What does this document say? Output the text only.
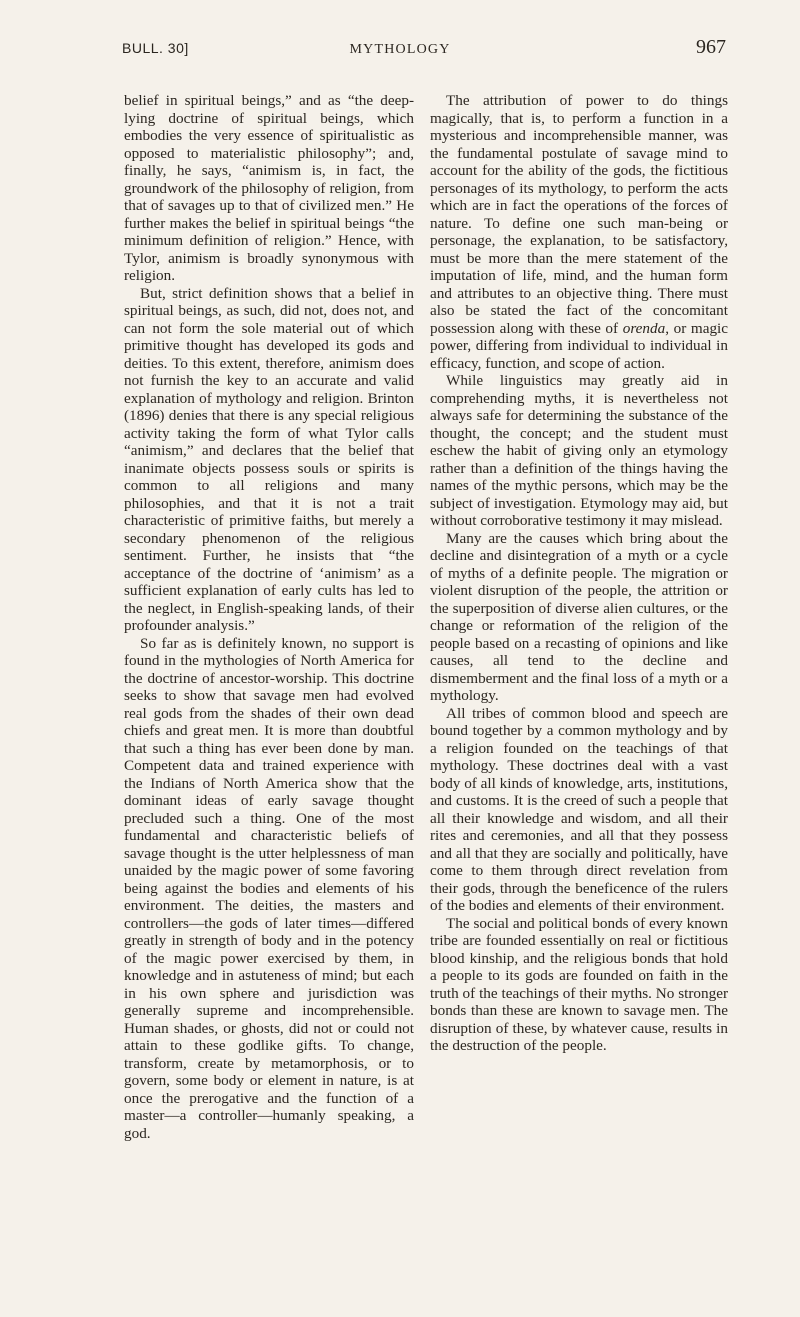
BULL. 30]	MYTHOLOGY	967

belief in spiritual beings,” and as “the deep-lying doctrine of spiritual beings, which embodies the very essence of spiritualistic as opposed to materialistic philosophy”; and, finally, he says, “animism is, in fact, the groundwork of the philosophy of religion, from that of savages up to that of civilized men.” He further makes the belief in spiritual beings “the minimum definition of religion.” Hence, with Tylor, animism is broadly synonymous with religion.

But, strict definition shows that a belief in spiritual beings, as such, did not, does not, and can not form the sole material out of which primitive thought has developed its gods and deities. To this extent, therefore, animism does not furnish the key to an accurate and valid explanation of mythology and religion. Brinton (1896) denies that there is any special religious activity taking the form of what Tylor calls “animism,” and declares that the belief that inanimate objects possess souls or spirits is common to all religions and many philosophies, and that it is not a trait characteristic of primitive faiths, but merely a secondary phenomenon of the religious sentiment. Further, he insists that “the acceptance of the doctrine of ‘animism’ as a sufficient explanation of early cults has led to the neglect, in English-speaking lands, of their profounder analysis.”

So far as is definitely known, no support is found in the mythologies of North America for the doctrine of ancestor-worship. This doctrine seeks to show that savage men had evolved real gods from the shades of their own dead chiefs and great men. It is more than doubtful that such a thing has ever been done by man. Competent data and trained experience with the Indians of North America show that the dominant ideas of early savage thought precluded such a thing. One of the most fundamental and characteristic beliefs of savage thought is the utter helplessness of man unaided by the magic power of some favoring being against the bodies and elements of his environment. The deities, the masters and controllers—the gods of later times—differed greatly in strength of body and in the potency of the magic power exercised by them, in knowledge and in astuteness of mind; but each in his own sphere and jurisdiction was generally supreme and incomprehensible. Human shades, or ghosts, did not or could not attain to these godlike gifts. To change, transform, create by metamorphosis, or to govern, some body or element in nature, is at once the prerogative and the function of a master—a controller—humanly speaking, a god.

The attribution of power to do things magically, that is, to perform a function in a mysterious and incomprehensible manner, was the fundamental postulate of savage mind to account for the ability of the gods, the fictitious personages of its mythology, to perform the acts which are in fact the operations of the forces of nature. To define one such man-being or personage, the explanation, to be satisfactory, must be more than the mere statement of the imputation of life, mind, and the human form and attributes to an objective thing. There must also be stated the fact of the concomitant possession along with these of orenda, or magic power, differing from individual to individual in efficacy, function, and scope of action.

While linguistics may greatly aid in comprehending myths, it is nevertheless not always safe for determining the substance of the thought, the concept; and the student must eschew the habit of giving only an etymology rather than a definition of the things having the names of the mythic persons, which may be the subject of investigation. Etymology may aid, but without corroborative testimony it may mislead.

Many are the causes which bring about the decline and disintegration of a myth or a cycle of myths of a definite people. The migration or violent disruption of the people, the attrition or the superposition of diverse alien cultures, or the change or reformation of the religion of the people based on a recasting of opinions and like causes, all tend to the decline and dismemberment and the final loss of a myth or a mythology.

All tribes of common blood and speech are bound together by a common mythology and by a religion founded on the teachings of that mythology. These doctrines deal with a vast body of all kinds of knowledge, arts, institutions, and customs. It is the creed of such a people that all their knowledge and wisdom, and all their rites and ceremonies, and all that they possess and all that they are socially and politically, have come to them through direct revelation from their gods, through the beneficence of the rulers of the bodies and elements of their environment.

The social and political bonds of every known tribe are founded essentially on real or fictitious blood kinship, and the religious bonds that hold a people to its gods are founded on faith in the truth of the teachings of their myths. No stronger bonds than these are known to savage men. The disruption of these, by whatever cause, results in the destruction of the people.
